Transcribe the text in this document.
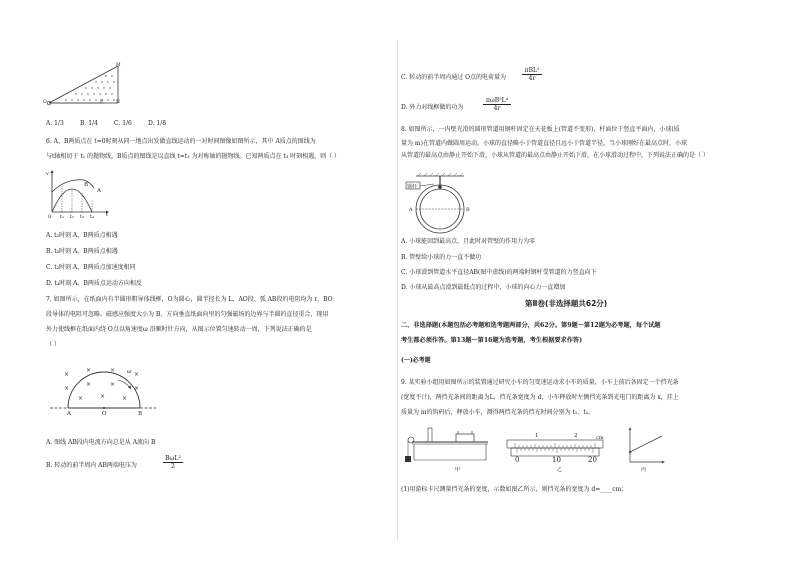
M
O	P	N
A. 1/3	B. 1/4	C. 1/6	D. 1/8
6. A、B两质点在 t=0时刻从同一地点出发做直线运动的一对时间图像如图所示，其中 A质点的图线为
与t轴相切于 t₁ 的抛物线，B质点的图线是以直线 t=t₃ 为对称轴的抛物线。已知两质点在 t₃ 时刻相遇，则（ ）
v
B
A
0 t₁ t₂ t₃ t₄ t
A. t₂时刻 A、B两质点相遇
B. t₃时刻 A、B两质点相遇
C. t₂时刻 A、B两质点加速度相同
D. t₄时刻 A、B两质点运动方向相反
7. 如图所示，在纸面内有半圆形粗导体线框，O为圆心，圆半径长为 L，AO段、弧 AB段的电阻均为 r，BO
段导体的电阻可忽略。磁感应强度大小为 B、方向垂直纸面向里的匀强磁场的边界与半圆的直径重合，现用
外力使线框在纸面内绕 O点以角速度ω 沿顺时针方向，从图示位置匀速转动一周，下列说法正确的是
（ ）
×
×	×
×
×
×	×
×
×	×	×
ω
A	O	B
A. 图线 AB段内电流方向总是从 A流向 B
B. 转动的前半周内 AB两端电压为
BωL²
2
C. 转动的前半周内通过 O点的电荷量为
πBL²
4r
D. 外力对线框做的功为
πωB²L⁴
4r
8. 如图所示，一内壁光滑的圆形管道用钢杆固定在天花板上(管道不变形)，杆面位于竖直平面内，小球(质
量为 m)在管道内做圆周运动。小球的直径略小于管道直径且远小于管道半径，当小球刚好在最高点时，小球
从管道的最高点由静止开始下滑，小球从管道的最高点由静止开始下滑，在小球滑动过程中，下列说法正确的是（ ）
钢杆
A	B
A. 小球能回到最高点，且此时对管壁的作用力为零
B. 管壁给小球的力一直不做功
C. 小球滑到管道水平直径AB(图中虚线)的两端时钢杆受管道的力竖直向下
D. 小球从最高点滑到最低点的过程中，小球的向心力一直增加
第Ⅱ卷(非选择题共62分)
二、非选择题(本题包括必考题和选考题两部分，共62分。第9题～第12题为必考题，每个试题
考生都必须作答。第13题～第16题为选考题，考生根据要求作答)
(一)必考题
9. 某实验小组用如图所示的装置通过研究小车的匀变速运动求小车的质量，小车上前后各固定一个挡光条
(宽度不计)，两挡光条间的距离为L，挡光条宽度为 d，小车释放时左侧挡光条到光电门的距离为 x，挂上
质量为 m的钩码后，释放小车，测得两挡光条的挡光时间分别为 t₁、t₂。
甲
1	2	cm
0	10	20
乙	丙
(1)用游标卡尺测量挡光条的宽度，示数如图乙所示，则挡光条的宽度为 d=____cm；
